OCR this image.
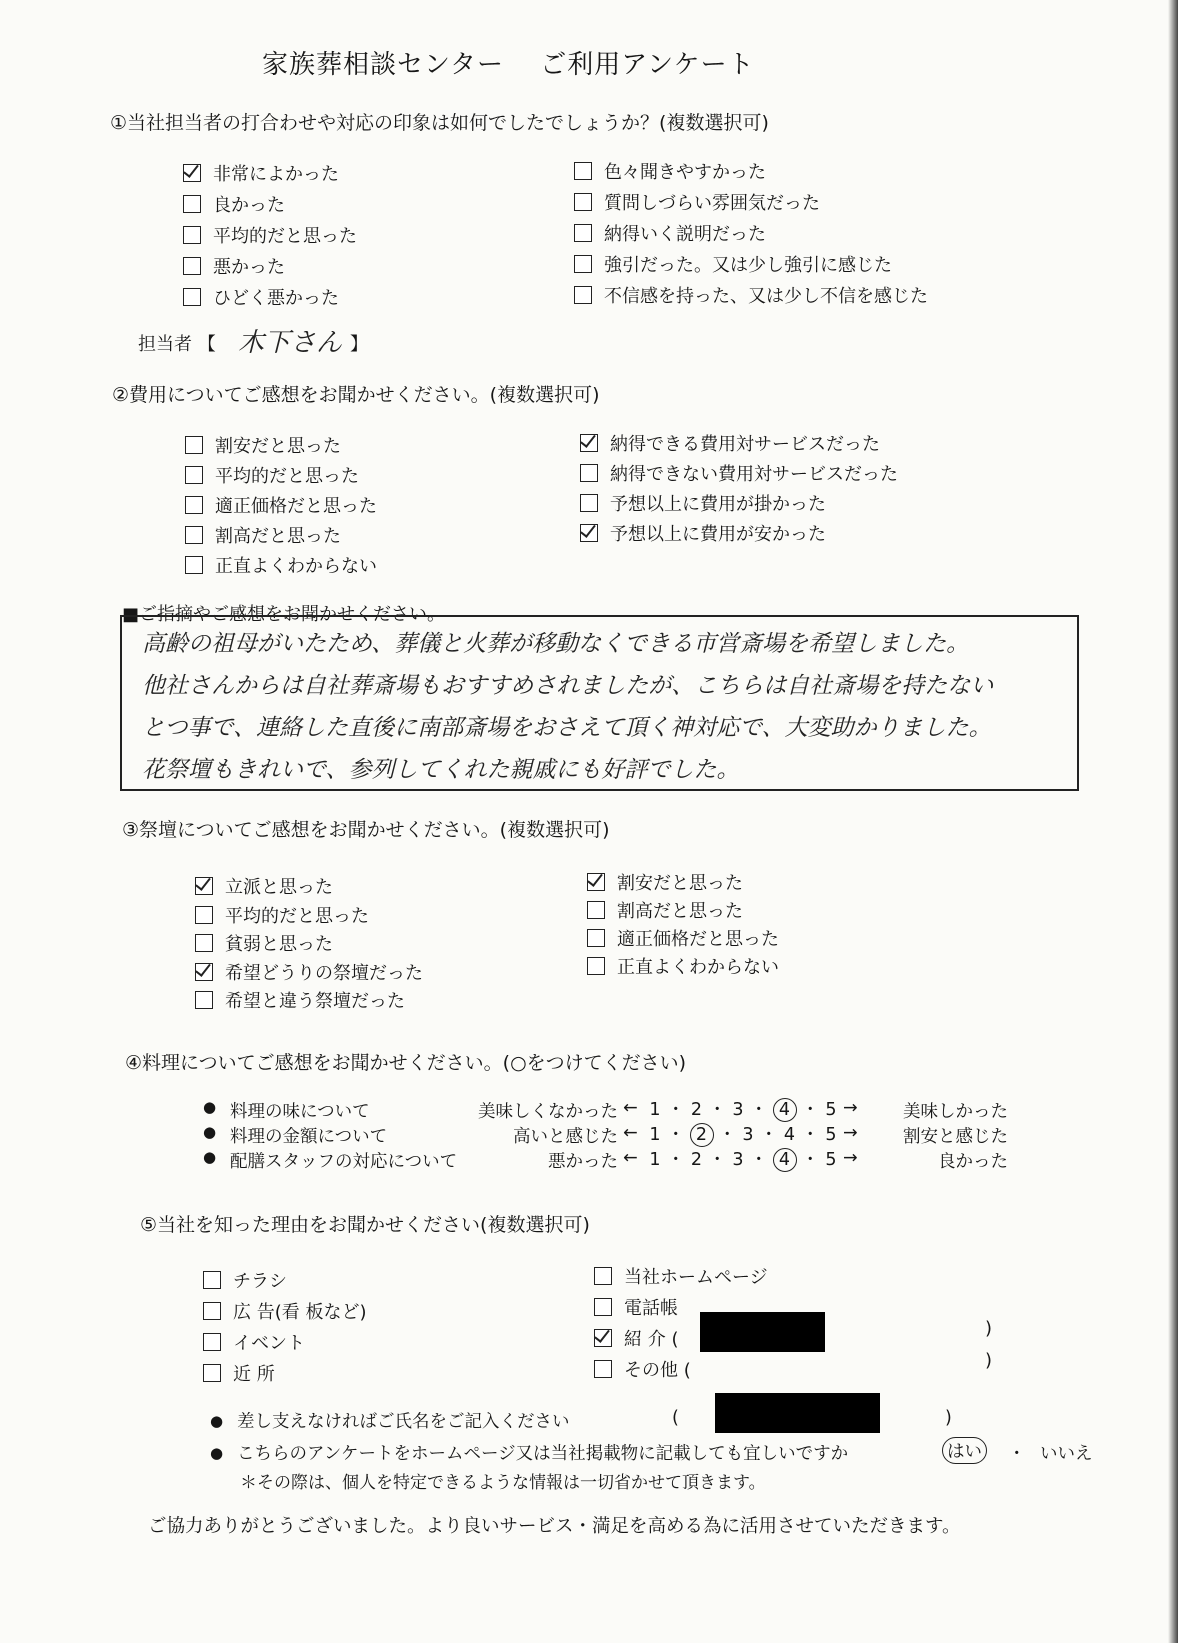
家族葬相談センター　 ご利用アンケート
①当社担当者の打合わせや対応の印象は如何でしたでしょうか？(複数選択可)
非常によかった
良かった
平均的だと思った
悪かった
ひどく悪かった
色々聞きやすかった
質問しづらい雰囲気だった
納得いく説明だった
強引だった。又は少し強引に感じた
不信感を持った、又は少し不信を感じた
担当者 【 木下さん 】
②費用についてご感想をお聞かせください。(複数選択可)
割安だと思った
平均的だと思った
適正価格だと思った
割高だと思った
正直よくわからない
納得できる費用対サービスだった
納得できない費用対サービスだった
予想以上に費用が掛かった
予想以上に費用が安かった
■ご指摘やご感想をお聞かせください。
高齢の祖母がいたため、葬儀と火葬が移動なくできる市営斎場を希望しました。
他社さんからは自社葬斎場もおすすめされましたが、こちらは自社斎場を持たない
とつ事で、連絡した直後に南部斎場をおさえて頂く神対応で、大変助かりました。
花祭壇もきれいで、参列してくれた親戚にも好評でした。
③祭壇についてご感想をお聞かせください。(複数選択可)
立派と思った
平均的だと思った
貧弱と思った
希望どうりの祭壇だった
希望と違う祭壇だった
割安だと思った
割高だと思った
適正価格だと思った
正直よくわからない
④料理についてご感想をお聞かせください。(○をつけてください)
● 料理の味について	美味しくなかった ← 1 ・ 2 ・ 3 ・ 4 ・ 5 →	美味しかった
● 料理の金額について	高いと感じた ← 1 ・ 2 ・ 3 ・ 4 ・ 5 →	割安と感じた
● 配膳スタッフの対応について	悪かった ← 1 ・ 2 ・ 3 ・ 4 ・ 5 →	良かった
⑤当社を知った理由をお聞かせください(複数選択可)
チラシ
広 告(看 板など)
イベント
近 所
当社ホームページ
電話帳
紹 介 (
その他 (
)
)
● 差し支えなければご氏名をご記入ください	(	)
● こちらのアンケートをホームページ又は当社掲載物に記載しても宜しいですか	はい ・ いいえ
＊その際は、個人を特定できるような情報は一切省かせて頂きます。
ご協力ありがとうございました。より良いサービス・満足を高める為に活用させていただきます。
